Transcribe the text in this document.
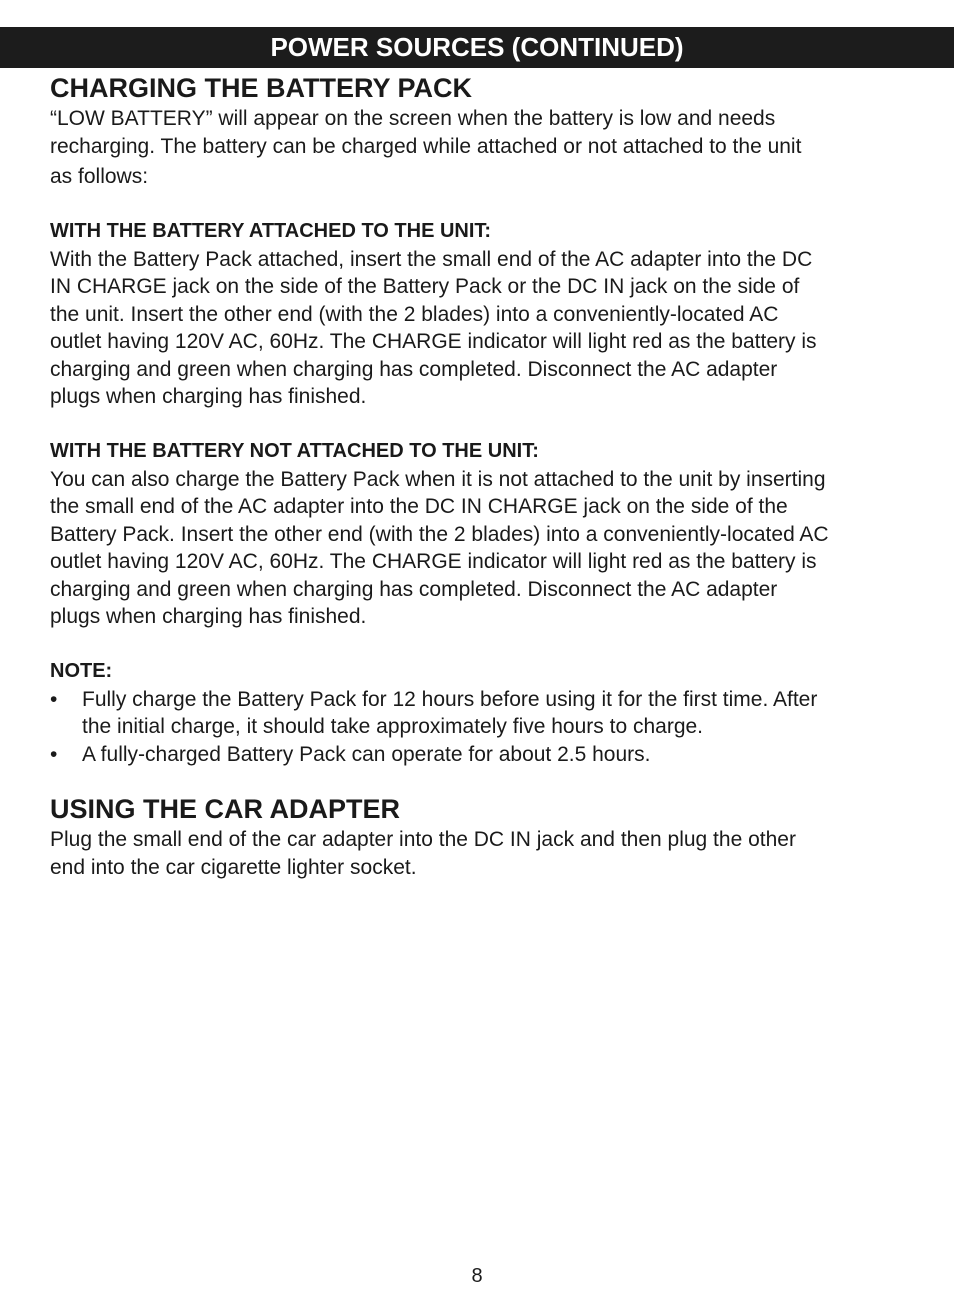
POWER SOURCES (CONTINUED)
CHARGING THE BATTERY PACK

“LOW BATTERY” will appear on the screen when the battery is low and needs
recharging. The battery can be charged while attached or not attached to the unit

as follows:

WITH THE BATTERY ATTACHED TO THE UNIT:

With the Battery Pack attached, insert the small end of the AC adapter into the DC
IN CHARGE jack on the side of the Battery Pack or the DC IN jack on the side of
the unit. Insert the other end (with the 2 blades) into a conveniently-located AC
outlet having 120V AC, 60Hz. The CHARGE indicator will light red as the battery is
charging and green when charging has completed. Disconnect the AC adapter
plugs when charging has finished.

WITH THE BATTERY NOT ATTACHED TO THE UNIT:

You can also charge the Battery Pack when it is not attached to the unit by inserting
the small end of the AC adapter into the DC IN CHARGE jack on the side of the
Battery Pack. Insert the other end (with the 2 blades) into a conveniently-located AC
outlet having 120V AC, 60Hz. The CHARGE indicator will light red as the battery is
charging and green when charging has completed. Disconnect the AC adapter
plugs when charging has finished.

NOTE:
•	Fully charge the Battery Pack for 12 hours before using it for the first time. After
the initial charge, it should take approximately five hours to charge.
•	A fully-charged Battery Pack can operate for about 2.5 hours.
USING THE CAR ADAPTER

Plug the small end of the car adapter into the DC IN jack and then plug the other
end into the car cigarette lighter socket.

8
